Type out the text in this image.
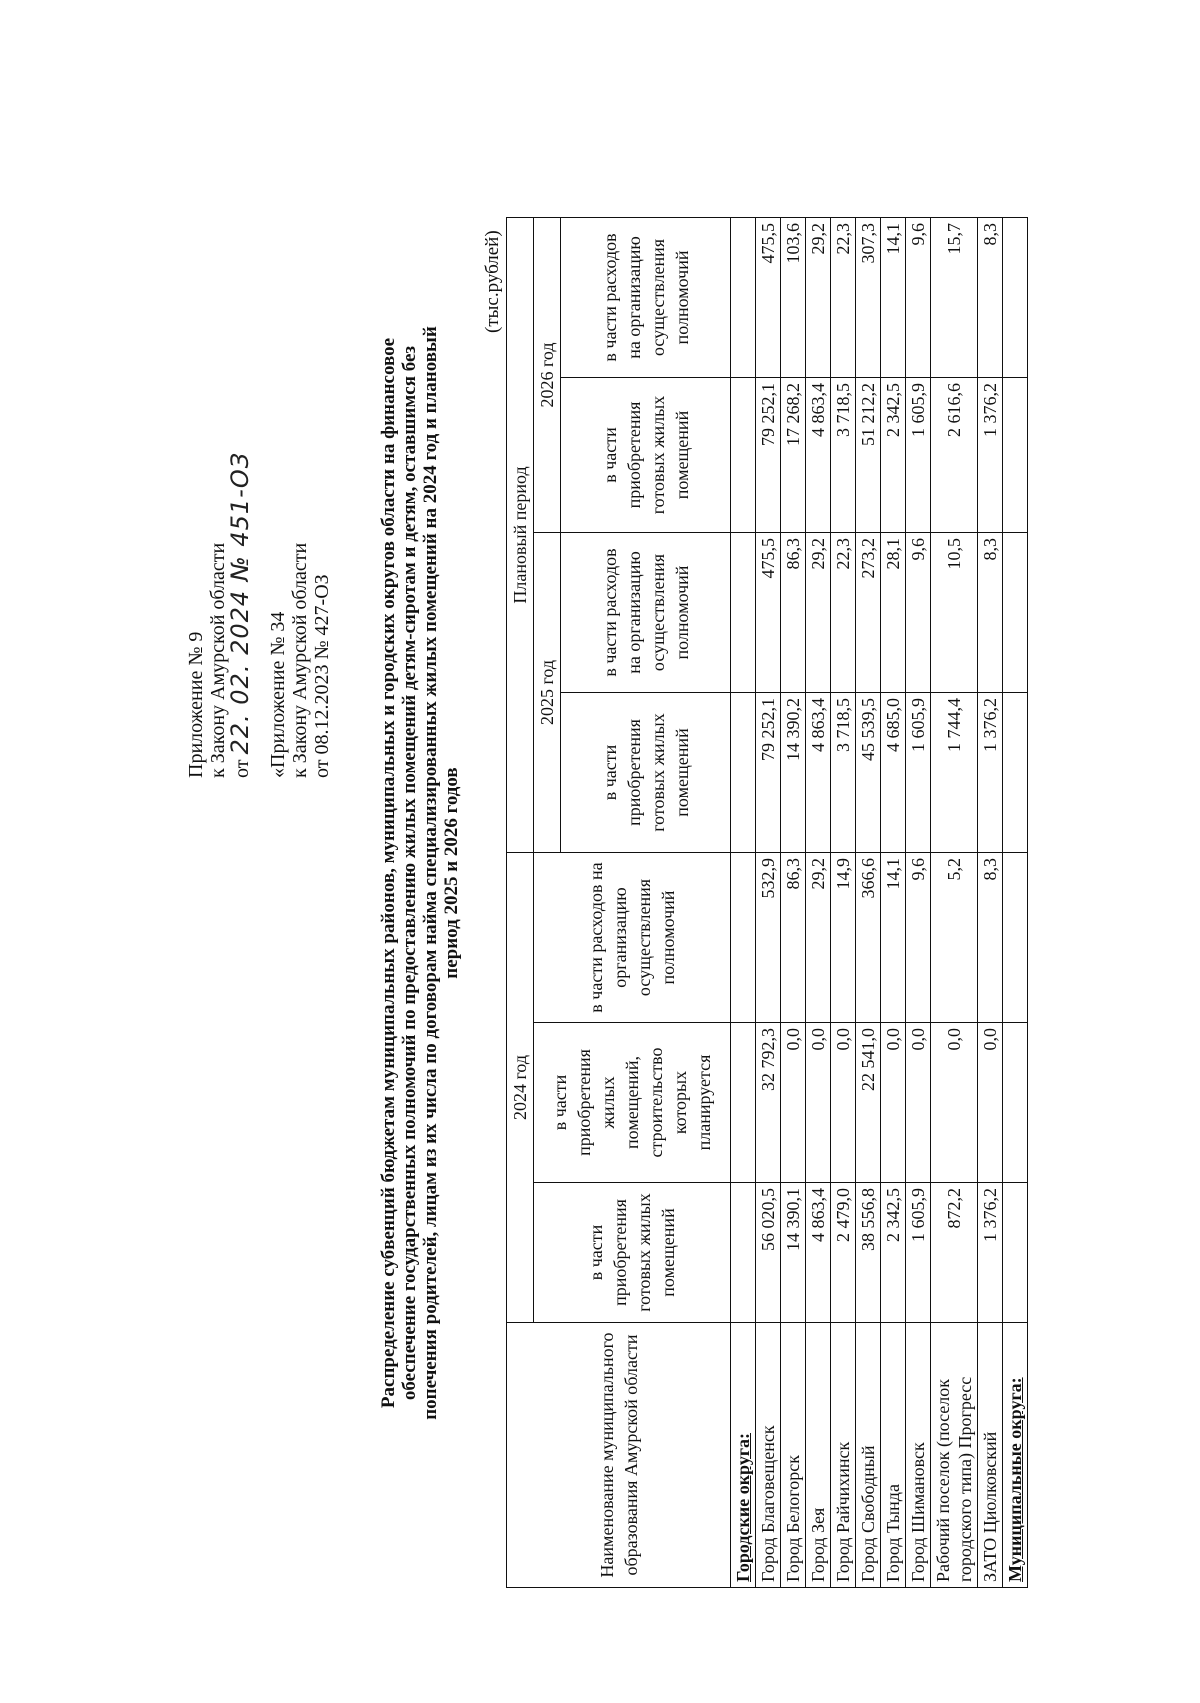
Приложение № 9 к Закону Амурской области от 22. 02. 2024 № 451-ОЗ «Приложение № 34 к Закону Амурской области от 08.12.2023 № 427-ОЗ Распределение субвенций бюджетам муниципальных районов, муниципальных и городских округов области на финансовое обеспечение государственных полномочий по предоставлению жилых помещений детям-сиротам и детям, оставшимся без попечения родителей, лицам из их числа по договорам найма специализированных жилых помещений на 2024 год и плановый период 2025 и 2026 годов
(тыс.рублей)
Наименование муниципального образования Амурской области	2024 год			Плановый период			
	в части приобретения готовых жилых помещений	в части приобретения жилых помещений, строительство которых планируется	в части расходов на организацию осуществления полномочий	2025 год		2026 год	
				в части приобретения готовых жилых помещений	в части расходов на организацию осуществления полномочий	в части приобретения готовых жилых помещений	в части расходов на организацию осуществления полномочий
Городские округа:							
Город Благовещенск	56 020,5	32 792,3	532,9	79 252,1	475,5	79 252,1	475,5
Город Белогорск	14 390,1	0,0	86,3	14 390,2	86,3	17 268,2	103,6
Город Зея	4 863,4	0,0	29,2	4 863,4	29,2	4 863,4	29,2
Город Райчихинск	2 479,0	0,0	14,9	3 718,5	22,3	3 718,5	22,3
Город Свободный	38 556,8	22 541,0	366,6	45 539,5	273,2	51 212,2	307,3
Город Тында	2 342,5	0,0	14,1	4 685,0	28,1	2 342,5	14,1
Город Шимановск	1 605,9	0,0	9,6	1 605,9	9,6	1 605,9	9,6

Рабочий поселок (поселок городского типа) Прогресс	872,2	0,0	5,2	1 744,4	10,5	2 616,6	15,7
ЗАТО Циолковский	1 376,2	0,0	8,3	1 376,2	8,3	1 376,2	8,3
Муниципальные округа:							
